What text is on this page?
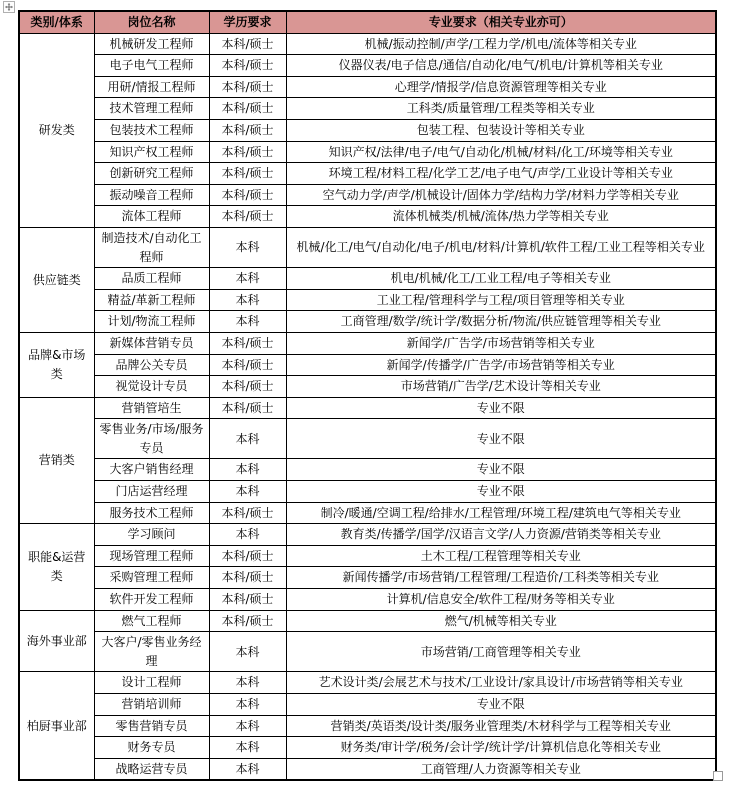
类别/体系	岗位名称	学历要求	专业要求（相关专业亦可）
研发类	机械研发工程师	本科/硕士	机械/振动控制/声学/工程力学/机电/流体等相关专业
	电子电气工程师	本科/硕士	仪器仪表/电子信息/通信/自动化/电气/机电/计算机等相关专业
	用研/情报工程师	本科/硕士	心理学/情报学/信息资源管理等相关专业
	技术管理工程师	本科/硕士	工科类/质量管理/工程类等相关专业
	包装技术工程师	本科/硕士	包装工程、包装设计等相关专业
	知识产权工程师	本科/硕士	知识产权/法律/电子/电气/自动化/机械/材料/化工/环境等相关专业
	创新研究工程师	本科/硕士	环境工程/材料工程/化学工艺/电子电气/声学/工业设计等相关专业
	振动噪音工程师	本科/硕士	空气动力学/声学/机械设计/固体力学/结构力学/材料力学等相关专业
	流体工程师	本科/硕士	流体机械类/机械/流体/热力学等相关专业
供应链类	制造技术/自动化工程师	本科	机械/化工/电气/自动化/电子/机电/材料/计算机/软件工程/工业工程等相关专业
	品质工程师	本科	机电/机械/化工/工业工程/电子等相关专业
	精益/革新工程师	本科	工业工程/管理科学与工程/项目管理等相关专业
	计划/物流工程师	本科	工商管理/数学/统计学/数据分析/物流/供应链管理等相关专业
品牌&市场类	新媒体营销专员	本科/硕士	新闻学/广告学/市场营销等相关专业
	品牌公关专员	本科/硕士	新闻学/传播学/广告学/市场营销等相关专业
	视觉设计专员	本科/硕士	市场营销/广告学/艺术设计等相关专业
营销类	营销管培生	本科/硕士	专业不限
	零售业务/市场/服务专员	本科	专业不限
	大客户销售经理	本科	专业不限
	门店运营经理	本科	专业不限
	服务技术工程师	本科/硕士	制冷/暖通/空调工程/给排水/工程管理/环境工程/建筑电气等相关专业
职能&运营类	学习顾问	本科	教育类/传播学/国学/汉语言文学/人力资源/营销类等相关专业
	现场管理工程师	本科/硕士	土木工程/工程管理等相关专业
	采购管理工程师	本科/硕士	新闻传播学/市场营销/工程管理/工程造价/工科类等相关专业
	软件开发工程师	本科/硕士	计算机/信息安全/软件工程/财务等相关专业
海外事业部	燃气工程师	本科/硕士	燃气/机械等相关专业
	大客户/零售业务经理	本科	市场营销/工商管理等相关专业
柏厨事业部	设计工程师	本科	艺术设计类/会展艺术与技术/工业设计/家具设计/市场营销等相关专业
	营销培训师	本科	专业不限
	零售营销专员	本科	营销类/英语类/设计类/服务业管理类/木材科学与工程等相关专业
	财务专员	本科	财务类/审计学/税务/会计学/统计学/计算机信息化等相关专业
	战略运营专员	本科	工商管理/人力资源等相关专业
